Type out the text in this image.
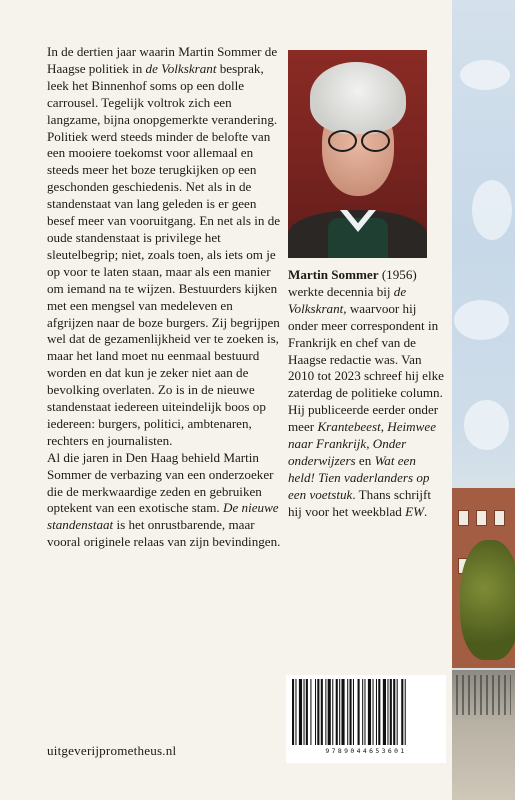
In de dertien jaar waarin Martin Sommer de Haagse politiek in de Volkskrant besprak, leek het Binnenhof soms op een dolle carrousel. Tegelijk voltrok zich een langzame, bijna onopgemerkte verandering. Politiek werd steeds minder de belofte van een mooiere toekomst voor allemaal en steeds meer het boze terugkijken op een geschonden geschiedenis. Net als in de standenstaat van lang geleden is er geen besef meer van vooruitgang. En net als in de oude standenstaat is privilege het sleutelbegrip; niet, zoals toen, als iets om je op voor te laten staan, maar als een manier om iemand na te wijzen. Bestuurders kijken met een mengsel van medeleven en afgrijzen naar de boze burgers. Zij begrijpen wel dat de gezamenlijkheid ver te zoeken is, maar het land moet nu eenmaal bestuurd worden en dat kun je zeker niet aan de bevolking overlaten. Zo is in de nieuwe standenstaat iedereen uiteindelijk boos op iedereen: burgers, politici, ambtenaren, rechters en journalisten.

Al die jaren in Den Haag behield Martin Sommer de verbazing van een onderzoeker die de merkwaardige zeden en gebruiken optekent van een exotische stam. De nieuwe standenstaat is het onrustbarende, maar vooral originele relaas van zijn bevindingen.

Martin Sommer (1956) werkte decennia bij de Volkskrant, waarvoor hij onder meer correspondent in Frankrijk en chef van de Haagse redactie was. Van 2010 tot 2023 schreef hij elke zaterdag de politieke column. Hij publiceerde eerder onder meer Krantebeest, Heimwee naar Frankrijk, Onder onderwijzers en Wat een held! Tien vaderlanders op een voetstuk. Thans schrijft hij voor het weekblad EW.

9789044653601
uitgeverijprometheus.nl
